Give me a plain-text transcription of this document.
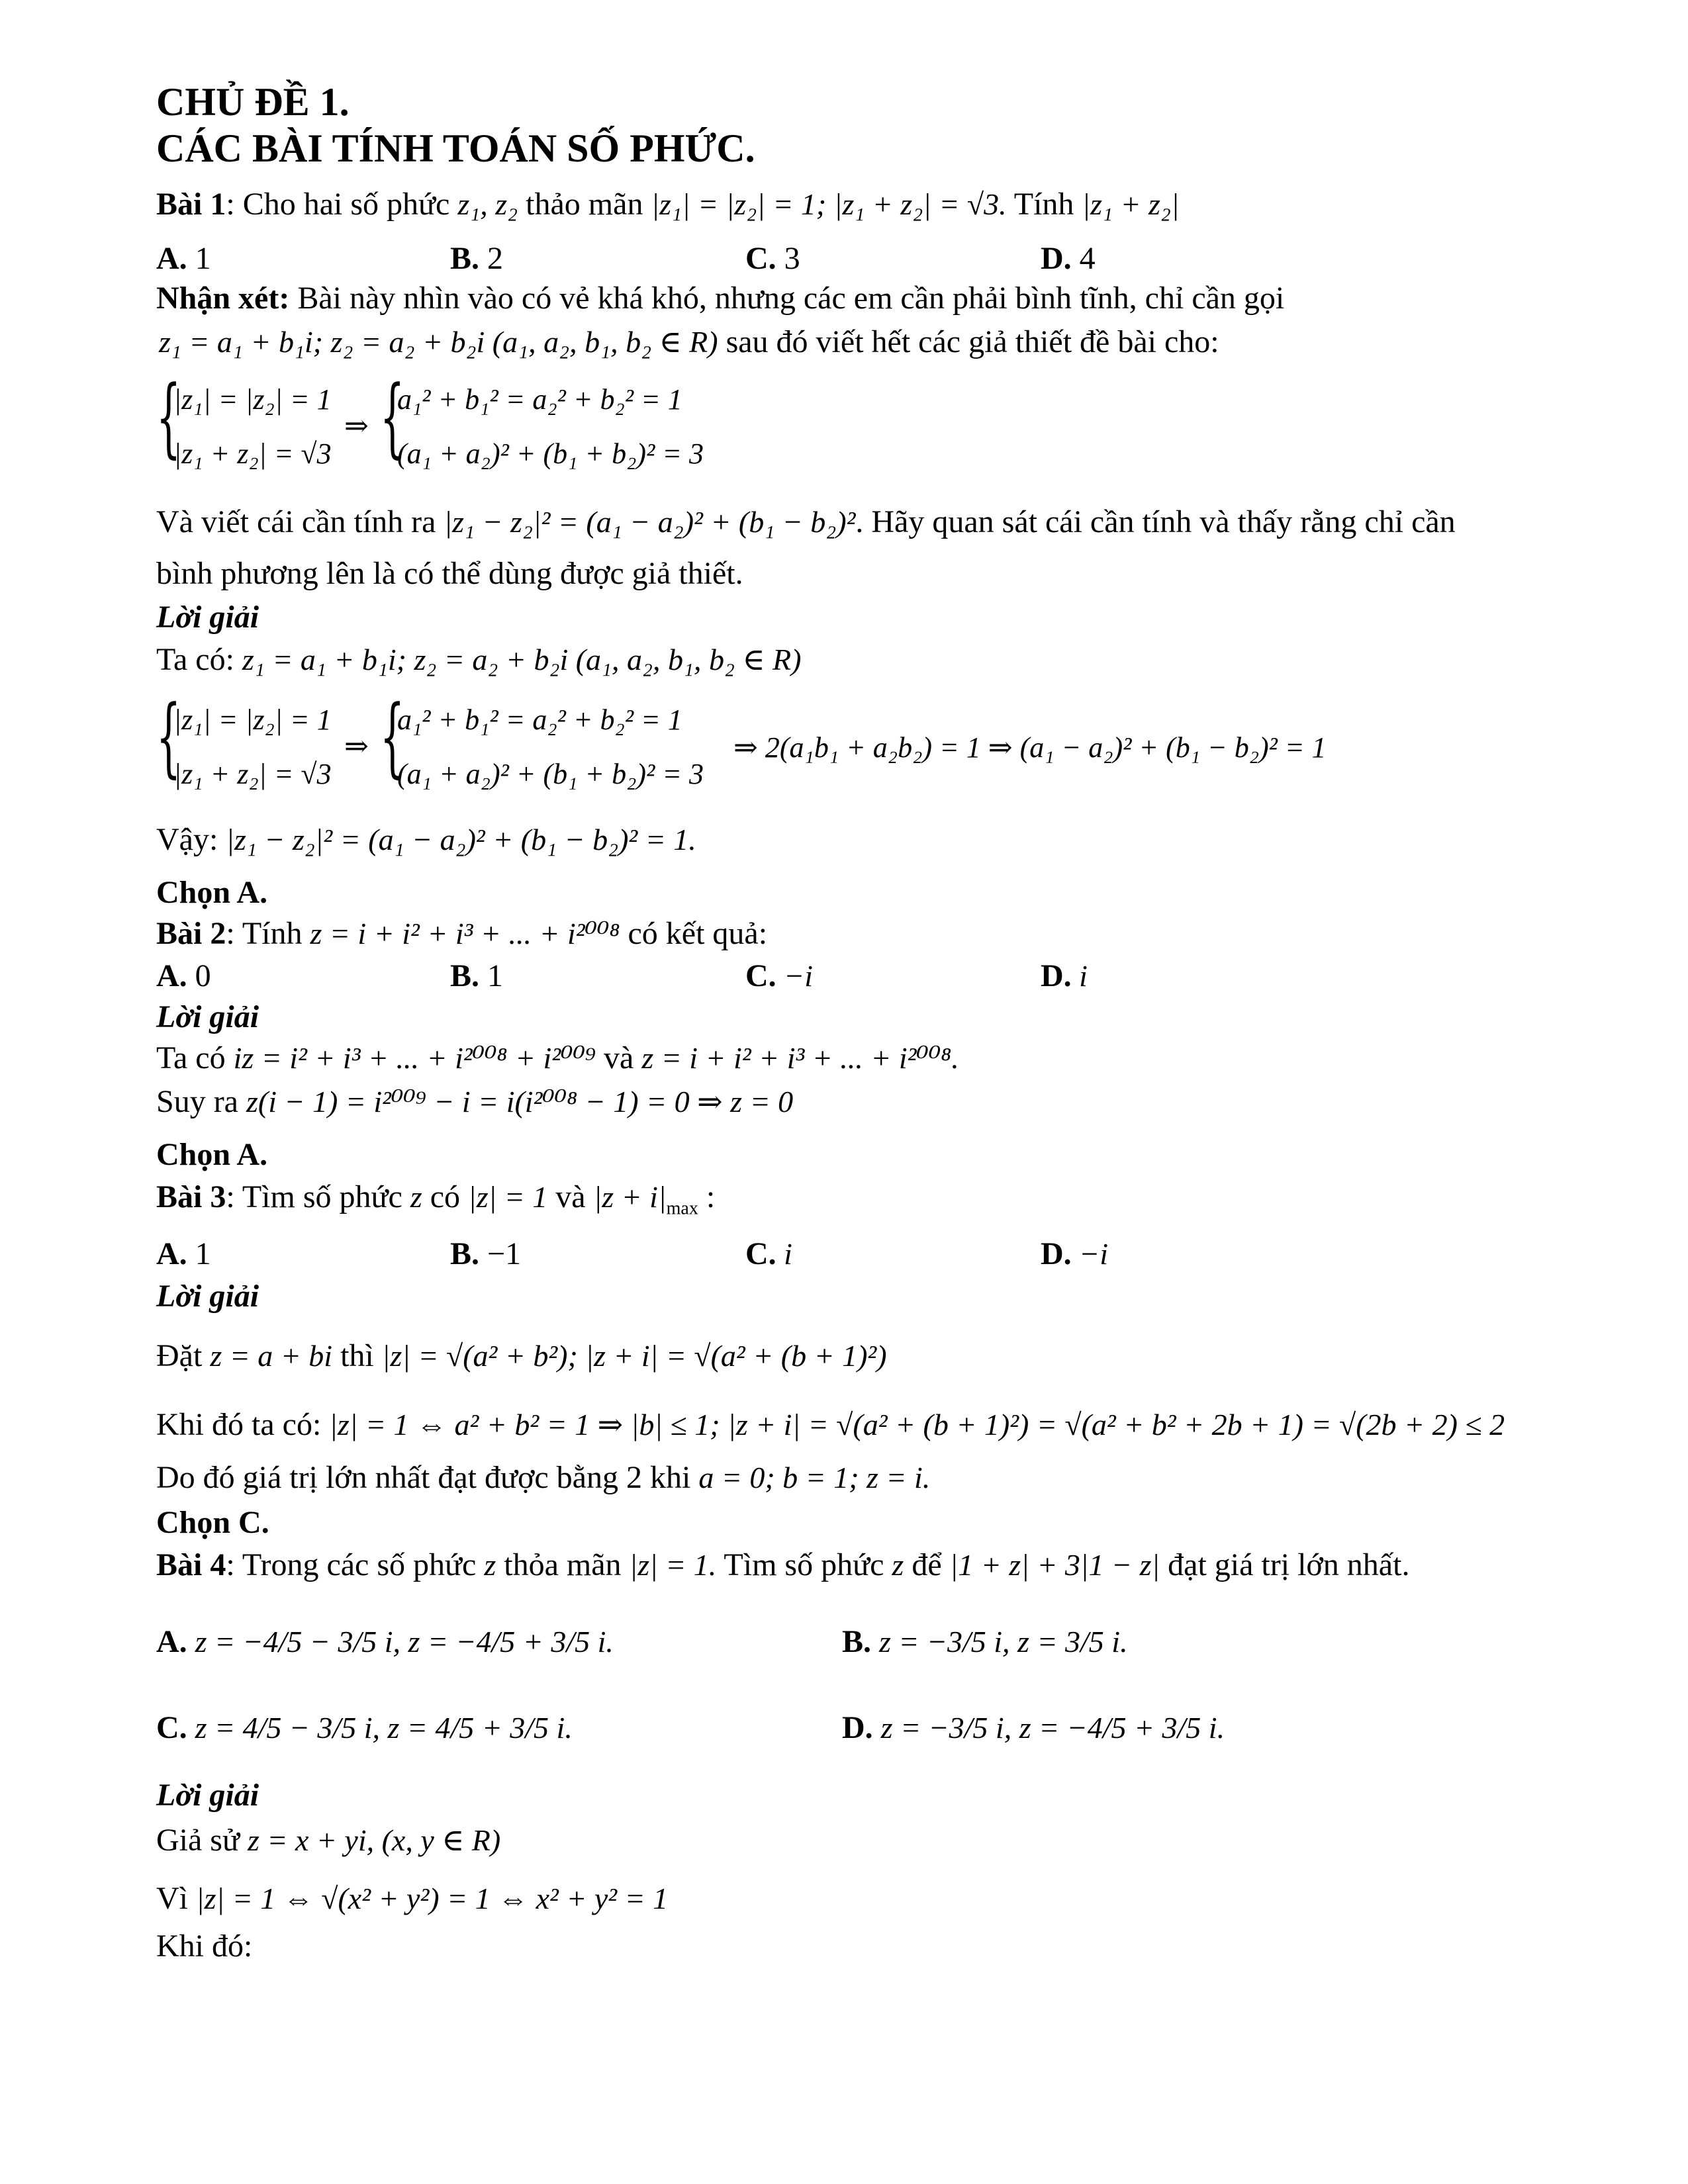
CHỦ ĐỀ 1.
CÁC BÀI TÍNH TOÁN SỐ PHỨC.
Bài 1: Cho hai số phức z₁, z₂ thảo mãn |z₁| = |z₂| = 1; |z₁ + z₂| = √3. Tính |z₁ + z₂|
A. 1	B. 2	C. 3	D. 4
Nhận xét: Bài này nhìn vào có vẻ khá khó, nhưng các em cần phải bình tĩnh, chỉ cần gọi
z₁ = a₁ + b₁i; z₂ = a₂ + b₂i (a₁, a₂, b₁, b₂ ∈ R) sau đó viết hết các giả thiết đề bài cho:
{
|z₁| = |z₂| = 1
|z₁ + z₂| = √3
⇒ {
a₁² + b₁² = a₂² + b₂² = 1
(a₁ + a₂)² + (b₁ + b₂)² = 3
Và viết cái cần tính ra |z₁ − z₂|² = (a₁ − a₂)² + (b₁ − b₂)². Hãy quan sát cái cần tính và thấy rằng chỉ cần
bình phương lên là có thể dùng được giả thiết.
Lời giải
Ta có: z₁ = a₁ + b₁i; z₂ = a₂ + b₂i (a₁, a₂, b₁, b₂ ∈ R)
{
|z₁| = |z₂| = 1
|z₁ + z₂| = √3
⇒ {
a₁² + b₁² = a₂² + b₂² = 1
(a₁ + a₂)² + (b₁ + b₂)² = 3
⇒ 2(a₁b₁ + a₂b₂) = 1 ⇒ (a₁ − a₂)² + (b₁ − b₂)² = 1
Vậy: |z₁ − z₂|² = (a₁ − a₂)² + (b₁ − b₂)² = 1.
Chọn A.
Bài 2: Tính z = i + i² + i³ + ... + i²⁰⁰⁸ có kết quả:
A. 0	B. 1	C. −i	D. i
Lời giải
Ta có iz = i² + i³ + ... + i²⁰⁰⁸ + i²⁰⁰⁹ và z = i + i² + i³ + ... + i²⁰⁰⁸.
Suy ra z(i − 1) = i²⁰⁰⁹ − i = i(i²⁰⁰⁸ − 1) = 0 ⇒ z = 0
Chọn A.
Bài 3: Tìm số phức z có |z| = 1 và $|z + i|_{max}$ :
A. 1	B. −1	C. i	D. −i
Lời giải
Đặt z = a + bi thì |z| = √(a² + b²); |z + i| = √(a² + (b + 1)²)
Khi đó ta có: |z| = 1 ⇔ a² + b² = 1 ⇒ |b| ≤ 1; |z + i| = √(a² + (b + 1)²) = √(a² + b² + 2b + 1) = √(2b + 2) ≤ 2
Do đó giá trị lớn nhất đạt được bằng 2 khi a = 0; b = 1; z = i.
Chọn C.
Bài 4: Trong các số phức z thỏa mãn |z| = 1. Tìm số phức z để |1 + z| + 3|1 − z| đạt giá trị lớn nhất.
A. z = −4/5 − 3/5 i, z = −4/5 + 3/5 i.	B. z = −3/5 i, z = 3/5 i.
C. z = 4/5 − 3/5 i, z = 4/5 + 3/5 i.	D. z = −3/5 i, z = −4/5 + 3/5 i.
Lời giải
Giả sử z = x + yi, (x, y ∈ R)
Vì |z| = 1 ⇔ √(x² + y²) = 1 ⇔ x² + y² = 1
Khi đó:
